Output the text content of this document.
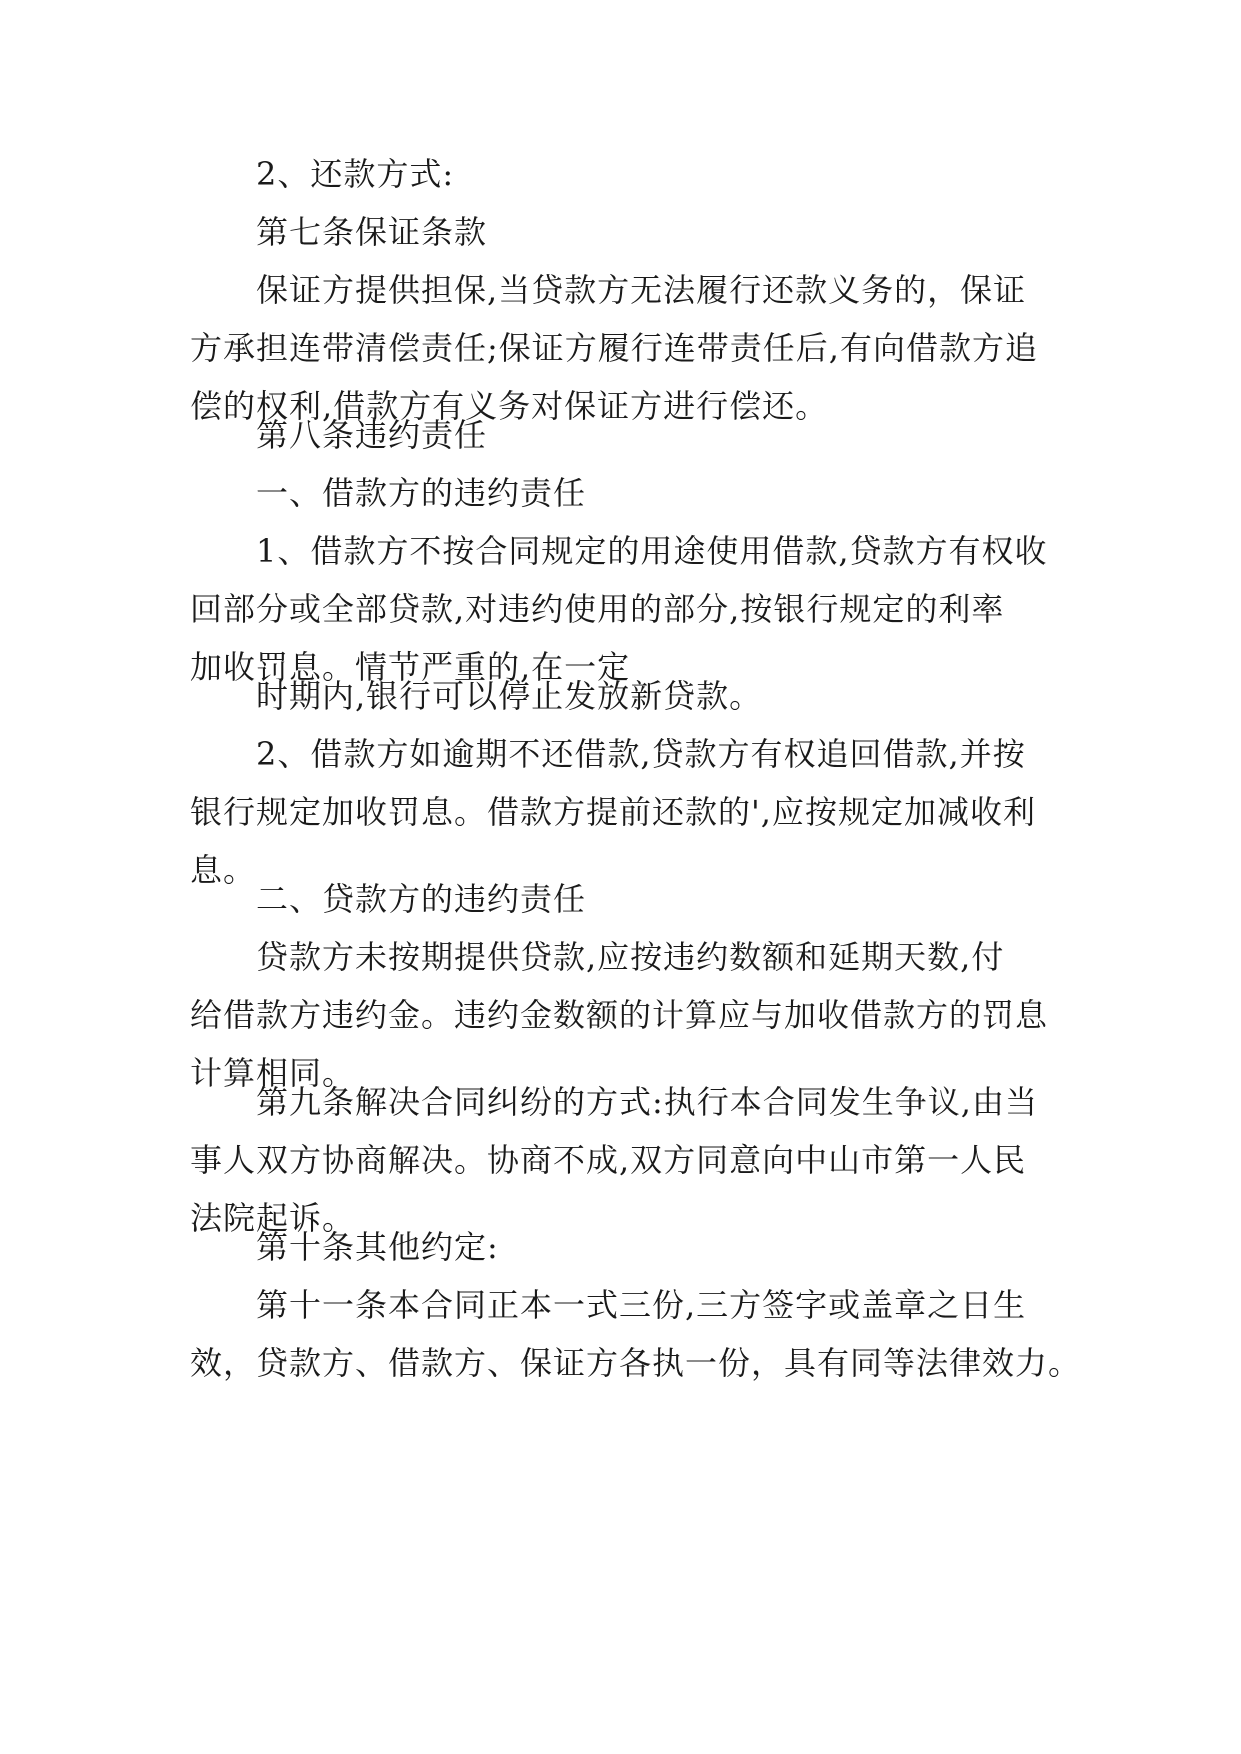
2、还款方式:

第七条保证条款

保证方提供担保,当贷款方无法履行还款义务的，保证
方承担连带清偿责任;保证方履行连带责任后,有向借款方追
偿的权利,借款方有义务对保证方进行偿还。

第八条违约责任

一、借款方的违约责任

1、借款方不按合同规定的用途使用借款,贷款方有权收
回部分或全部贷款,对违约使用的部分,按银行规定的利率
加收罚息。情节严重的,在一定

时期内,银行可以停止发放新贷款。

2、借款方如逾期不还借款,贷款方有权追回借款,并按
银行规定加收罚息。借款方提前还款的',应按规定加减收利
息。

二、贷款方的违约责任

贷款方未按期提供贷款,应按违约数额和延期天数,付
给借款方违约金。违约金数额的计算应与加收借款方的罚息
计算相同。

第九条解决合同纠纷的方式:执行本合同发生争议,由当
事人双方协商解决。协商不成,双方同意向中山市第一人民
法院起诉。

第十条其他约定:

第十一条本合同正本一式三份,三方签字或盖章之日生
效，贷款方、借款方、保证方各执一份，具有同等法律效力。
